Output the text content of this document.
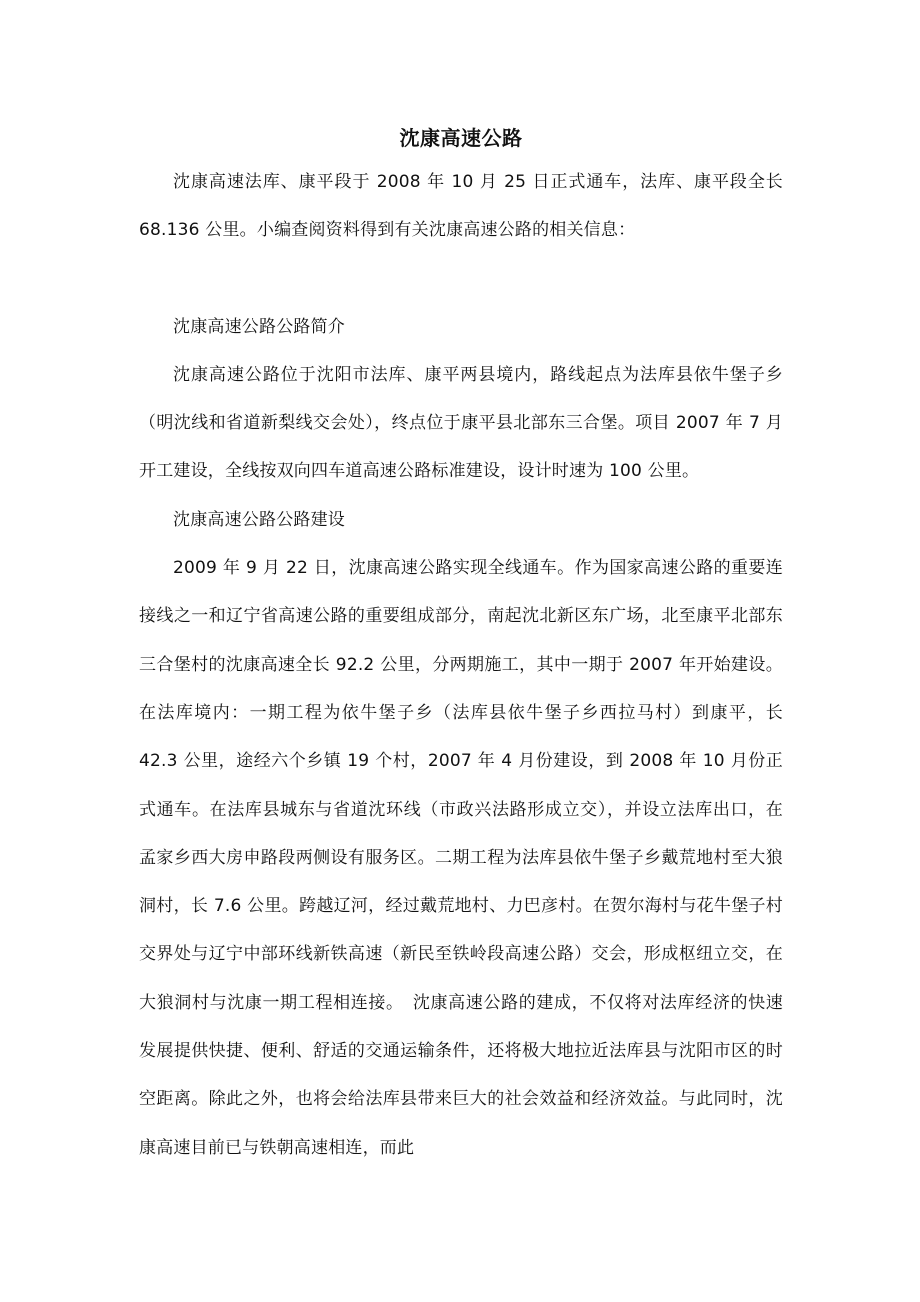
沈康高速公路

沈康高速法库、康平段于 2008 年 10 月 25 日正式通车，法库、康平段全长 68.136 公里。小编查阅资料得到有关沈康高速公路的相关信息：

沈康高速公路公路简介

沈康高速公路位于沈阳市法库、康平两县境内，路线起点为法库县依牛堡子乡（明沈线和省道新梨线交会处），终点位于康平县北部东三合堡。项目 2007 年 7 月开工建设，全线按双向四车道高速公路标准建设，设计时速为 100 公里。

沈康高速公路公路建设

2009 年 9 月 22 日，沈康高速公路实现全线通车。作为国家高速公路的重要连接线之一和辽宁省高速公路的重要组成部分，南起沈北新区东广场，北至康平北部东三合堡村的沈康高速全长 92.2 公里，分两期施工，其中一期于 2007 年开始建设。在法库境内：一期工程为依牛堡子乡（法库县依牛堡子乡西拉马村）到康平，长 42.3 公里，途经六个乡镇 19 个村，2007 年 4 月份建设，到 2008 年 10 月份正式通车。在法库县城东与省道沈环线（市政兴法路形成立交），并设立法库出口，在孟家乡西大房申路段两侧设有服务区。二期工程为法库县依牛堡子乡戴荒地村至大狼洞村，长 7.6 公里。跨越辽河，经过戴荒地村、力巴彦村。在贺尔海村与花牛堡子村交界处与辽宁中部环线新铁高速（新民至铁岭段高速公路）交会，形成枢纽立交，在大狼洞村与沈康一期工程相连接。　沈康高速公路的建成，不仅将对法库经济的快速发展提供快捷、便利、舒适的交通运输条件，还将极大地拉近法库县与沈阳市区的时空距离。除此之外，也将会给法库县带来巨大的社会效益和经济效益。与此同时，沈康高速目前已与铁朝高速相连，而此
